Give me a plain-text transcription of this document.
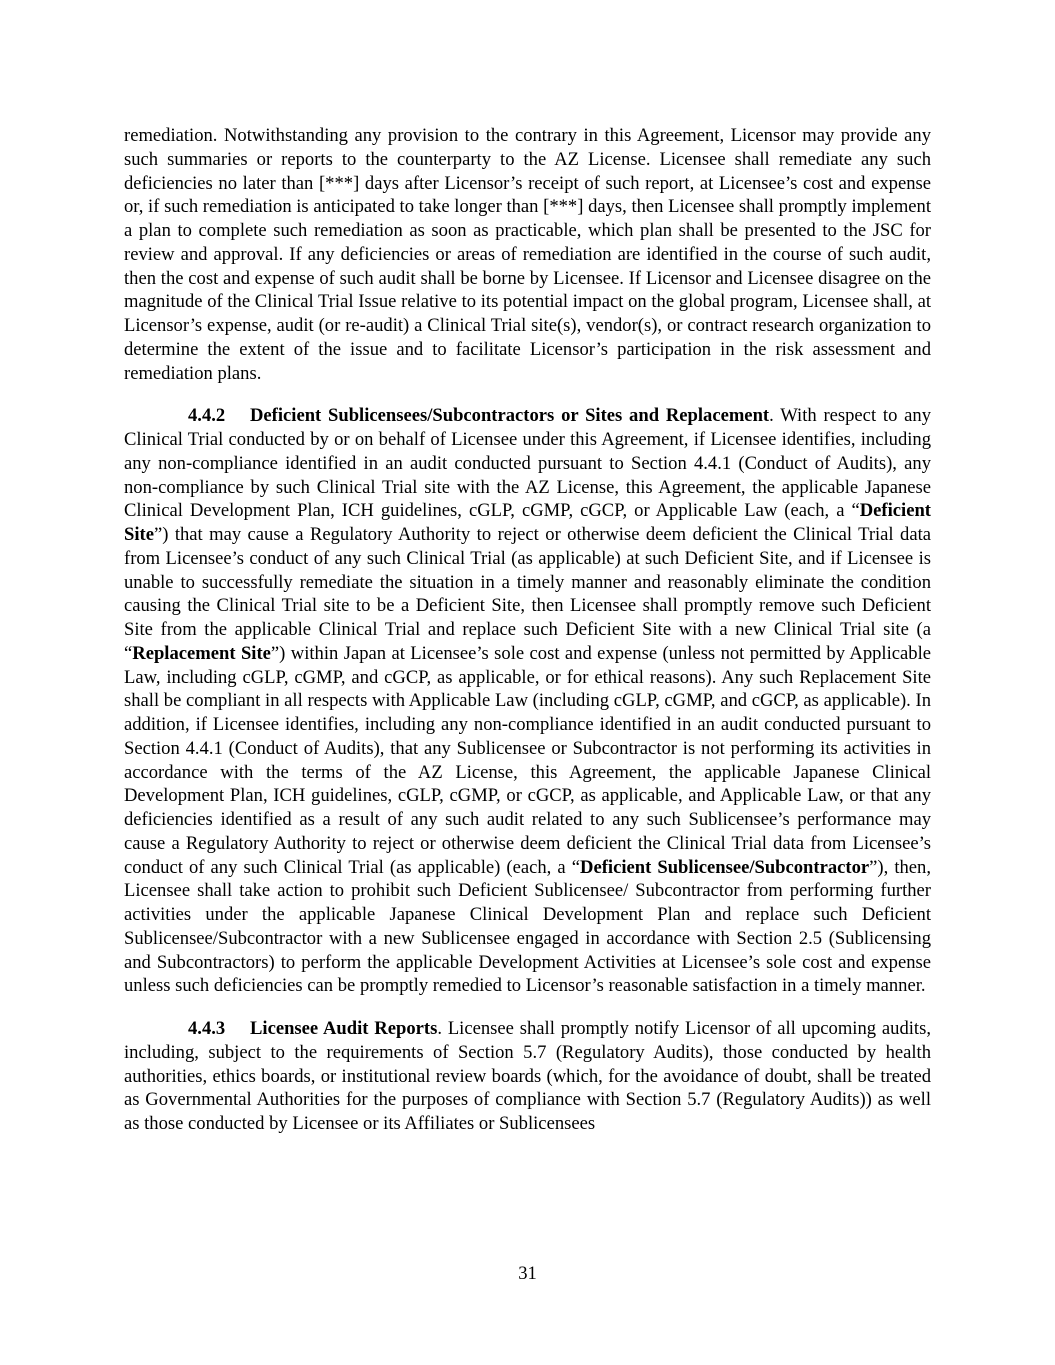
remediation. Notwithstanding any provision to the contrary in this Agreement, Licensor may provide any such summaries or reports to the counterparty to the AZ License. Licensee shall remediate any such deficiencies no later than [***] days after Licensor’s receipt of such report, at Licensee’s cost and expense or, if such remediation is anticipated to take longer than [***] days, then Licensee shall promptly implement a plan to complete such remediation as soon as practicable, which plan shall be presented to the JSC for review and approval. If any deficiencies or areas of remediation are identified in the course of such audit, then the cost and expense of such audit shall be borne by Licensee. If Licensor and Licensee disagree on the magnitude of the Clinical Trial Issue relative to its potential impact on the global program, Licensee shall, at Licensor’s expense, audit (or re-audit) a Clinical Trial site(s), vendor(s), or contract research organization to determine the extent of the issue and to facilitate Licensor’s participation in the risk assessment and remediation plans.

4.4.2 Deficient Sublicensees/Subcontractors or Sites and Replacement. With respect to any Clinical Trial conducted by or on behalf of Licensee under this Agreement, if Licensee identifies, including any non-compliance identified in an audit conducted pursuant to Section 4.4.1 (Conduct of Audits), any non-compliance by such Clinical Trial site with the AZ License, this Agreement, the applicable Japanese Clinical Development Plan, ICH guidelines, cGLP, cGMP, cGCP, or Applicable Law (each, a “Deficient Site”) that may cause a Regulatory Authority to reject or otherwise deem deficient the Clinical Trial data from Licensee’s conduct of any such Clinical Trial (as applicable) at such Deficient Site, and if Licensee is unable to successfully remediate the situation in a timely manner and reasonably eliminate the condition causing the Clinical Trial site to be a Deficient Site, then Licensee shall promptly remove such Deficient Site from the applicable Clinical Trial and replace such Deficient Site with a new Clinical Trial site (a “Replacement Site”) within Japan at Licensee’s sole cost and expense (unless not permitted by Applicable Law, including cGLP, cGMP, and cGCP, as applicable, or for ethical reasons). Any such Replacement Site shall be compliant in all respects with Applicable Law (including cGLP, cGMP, and cGCP, as applicable). In addition, if Licensee identifies, including any non-compliance identified in an audit conducted pursuant to Section 4.4.1 (Conduct of Audits), that any Sublicensee or Subcontractor is not performing its activities in accordance with the terms of the AZ License, this Agreement, the applicable Japanese Clinical Development Plan, ICH guidelines, cGLP, cGMP, or cGCP, as applicable, and Applicable Law, or that any deficiencies identified as a result of any such audit related to any such Sublicensee’s performance may cause a Regulatory Authority to reject or otherwise deem deficient the Clinical Trial data from Licensee’s conduct of any such Clinical Trial (as applicable) (each, a “Deficient Sublicensee/Subcontractor”), then, Licensee shall take action to prohibit such Deficient Sublicensee/ Subcontractor from performing further activities under the applicable Japanese Clinical Development Plan and replace such Deficient Sublicensee/Subcontractor with a new Sublicensee engaged in accordance with Section 2.5 (Sublicensing and Subcontractors) to perform the applicable Development Activities at Licensee’s sole cost and expense unless such deficiencies can be promptly remedied to Licensor’s reasonable satisfaction in a timely manner.

4.4.3 Licensee Audit Reports. Licensee shall promptly notify Licensor of all upcoming audits, including, subject to the requirements of Section 5.7 (Regulatory Audits), those conducted by health authorities, ethics boards, or institutional review boards (which, for the avoidance of doubt, shall be treated as Governmental Authorities for the purposes of compliance with Section 5.7 (Regulatory Audits)) as well as those conducted by Licensee or its Affiliates or Sublicensees

31
